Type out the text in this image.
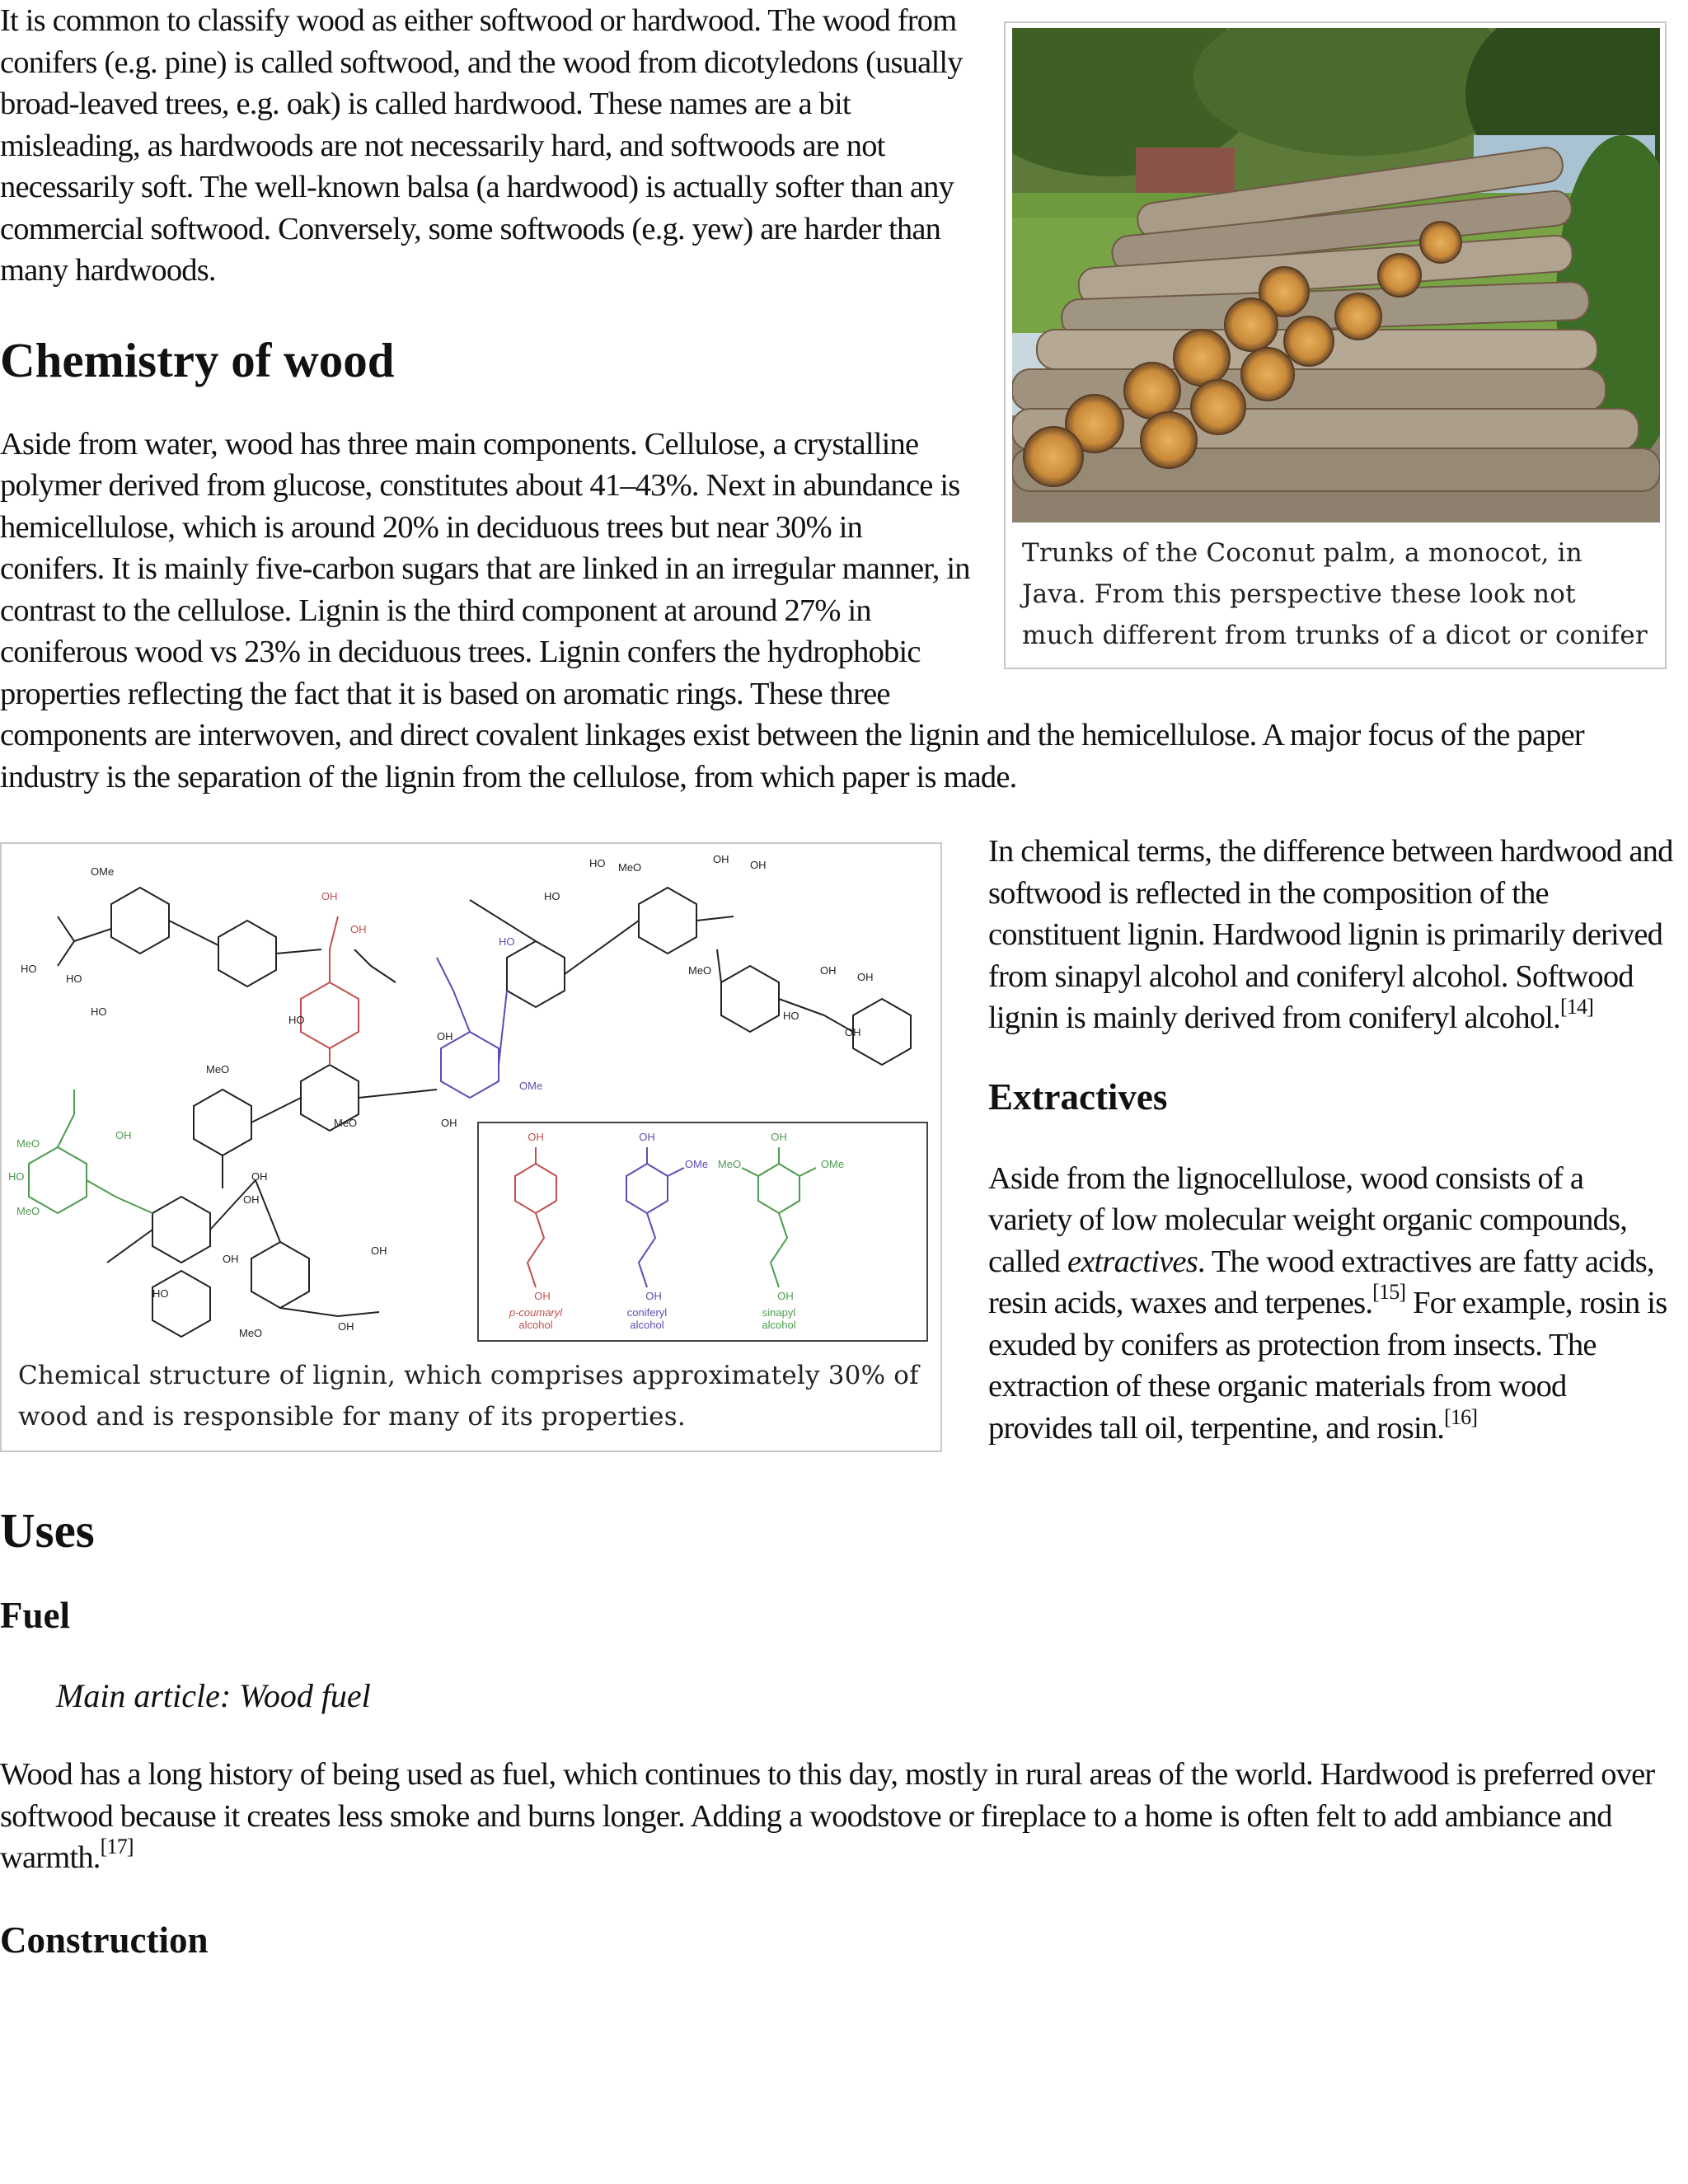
Trunks of the Coconut palm, a monocot, in Java. From this perspective these look not much different from trunks of a dicot or conifer

It is common to classify wood as either softwood or hardwood. The wood from conifers (e.g. pine) is called softwood, and the wood from dicotyledons (usually broad-leaved trees, e.g. oak) is called hardwood. These names are a bit misleading, as hardwoods are not necessarily hard, and softwoods are not necessarily soft. The well-known balsa (a hardwood) is actually softer than any commercial softwood. Conversely, some softwoods (e.g. yew) are harder than many hardwoods.

Chemistry of wood

Aside from water, wood has three main components. Cellulose, a crystalline polymer derived from glucose, constitutes about 41–43%. Next in abundance is hemicellulose, which is around 20% in deciduous trees but near 30% in conifers. It is mainly five-carbon sugars that are linked in an irregular manner, in contrast to the cellulose. Lignin is the third component at around 27% in coniferous wood vs 23% in deciduous trees. Lignin confers the hydrophobic properties reflecting the fact that it is based on aromatic rings. These three components are interwoven, and direct covalent linkages exist between the lignin and the hemicellulose. A major focus of the paper industry is the separation of the lignin from the cellulose, from which paper is made.

OMe
HO
HO
HO
HO MeO
OH OH
HO
MeO	OH
OH
HO
OH
HO
MeO
OH
MeO	OH
OH
OH
OH
HO
MeO
OH
OH
OH
OH
HO
OMe
OH
MeO
HO
MeO
OH
OH
p-coumaryl
alcohol
OH
OMe
OH
coniferyl
alcohol
OH
MeO	OMe
OH
sinapyl
alcohol
Chemical structure of lignin, which comprises approximately 30% of wood and is responsible for many of its properties.

In chemical terms, the difference between hardwood and softwood is reflected in the composition of the constituent lignin. Hardwood lignin is primarily derived from sinapyl alcohol and coniferyl alcohol. Softwood lignin is mainly derived from coniferyl alcohol.[14]

Extractives

Aside from the lignocellulose, wood consists of a variety of low molecular weight organic compounds, called extractives. The wood extractives are fatty acids, resin acids, waxes and terpenes.[15] For example, rosin is exuded by conifers as protection from insects. The extraction of these organic materials from wood provides tall oil, terpentine, and rosin.[16]

Uses
Fuel
Main article: Wood fuel

Wood has a long history of being used as fuel, which continues to this day, mostly in rural areas of the world. Hardwood is preferred over softwood because it creates less smoke and burns longer. Adding a woodstove or fireplace to a home is often felt to add ambiance and warmth.[17]

Construction
